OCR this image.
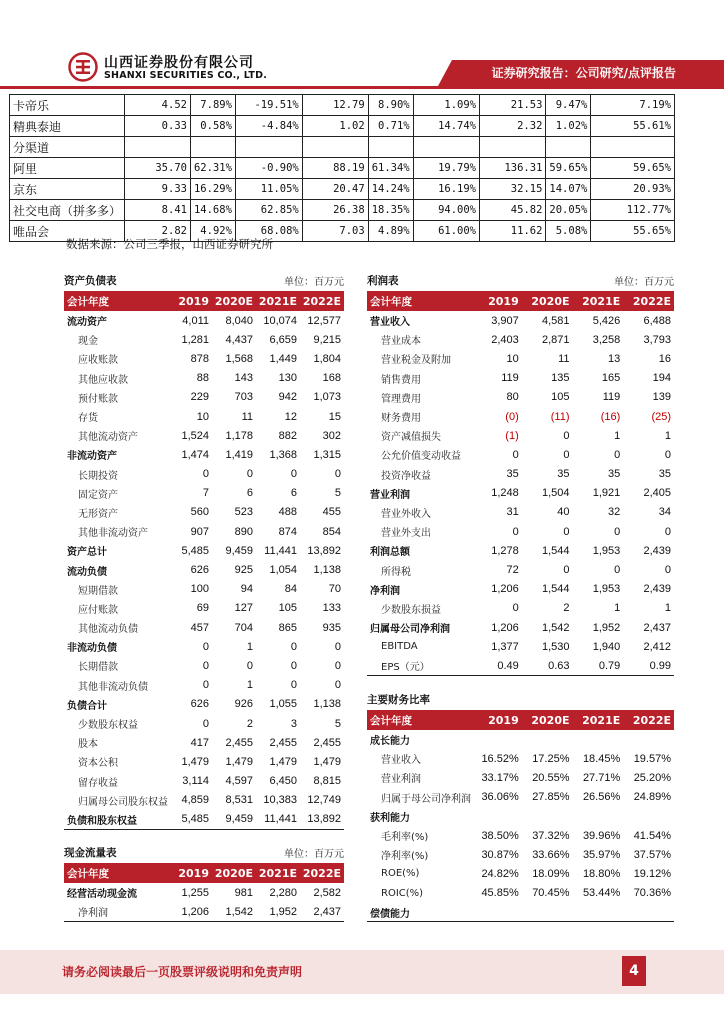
山西证券股份有限公司
SHANXI SECURITIES CO., LTD.	证券研究报告：公司研究/点评报告
卡帝乐	4.52	7.89%	-19.51%	12.79	8.90%	1.09%	21.53	9.47%	7.19%
精典泰迪	0.33	0.58%	-4.84%	1.02	0.71%	14.74%	2.32	1.02%	55.61%
分渠道									
阿里	35.70	62.31%	-0.90%	88.19	61.34%	19.79%	136.31	59.65%	59.65%
京东	9.33	16.29%	11.05%	20.47	14.24%	16.19%	32.15	14.07%	20.93%
社交电商（拼多多）	8.41	14.68%	62.85%	26.38	18.35%	94.00%	45.82	20.05%	112.77%
唯品会	2.82	4.92%	68.08%	7.03	4.89%	61.00%	11.62	5.08%	55.65%
数据来源：公司三季报，山西证券研究所
资产负债表	单位：百万元
会计年度	2019	2020E	2021E	2022E
流动资产	4,011	8,040	10,074	12,577
现金	1,281	4,437	6,659	9,215
应收账款	878	1,568	1,449	1,804
其他应收款	88	143	130	168
预付账款	229	703	942	1,073
存货	10	11	12	15
其他流动资产	1,524	1,178	882	302
非流动资产	1,474	1,419	1,368	1,315
长期投资	0	0	0	0
固定资产	7	6	6	5
无形资产	560	523	488	455
其他非流动资产	907	890	874	854
资产总计	5,485	9,459	11,441	13,892
流动负债	626	925	1,054	1,138
短期借款	100	94	84	70
应付账款	69	127	105	133
其他流动负债	457	704	865	935
非流动负债	0	1	0	0
长期借款	0	0	0	0
其他非流动负债	0	1	0	0
负债合计	626	926	1,055	1,138
少数股东权益	0	2	3	5
股本	417	2,455	2,455	2,455
资本公积	1,479	1,479	1,479	1,479
留存收益	3,114	4,597	6,450	8,815
归属母公司股东权益	4,859	8,531	10,383	12,749
负债和股东权益	5,485	9,459	11,441	13,892
利润表	单位：百万元
会计年度	2019	2020E	2021E	2022E
营业收入	3,907	4,581	5,426	6,488
营业成本	2,403	2,871	3,258	3,793
营业税金及附加	10	11	13	16
销售费用	119	135	165	194
管理费用	80	105	119	139
财务费用	(0)	(11)	(16)	(25)
资产减值损失	(1)	0	1	1
公允价值变动收益	0	0	0	0
投资净收益	35	35	35	35
营业利润	1,248	1,504	1,921	2,405
营业外收入	31	40	32	34
营业外支出	0	0	0	0
利润总额	1,278	1,544	1,953	2,439
所得税	72	0	0	0
净利润	1,206	1,544	1,953	2,439
少数股东损益	0	2	1	1
归属母公司净利润	1,206	1,542	1,952	2,437
EBITDA	1,377	1,530	1,940	2,412
EPS（元）	0.49	0.63	0.79	0.99
主要财务比率
会计年度	2019	2020E	2021E	2022E
成长能力				
营业收入	16.52%	17.25%	18.45%	19.57%
营业利润	33.17%	20.55%	27.71%	25.20%
归属于母公司净利润	36.06%	27.85%	26.56%	24.89%
获利能力				
毛利率(%)	38.50%	37.32%	39.96%	41.54%
净利率(%)	30.87%	33.66%	35.97%	37.57%
ROE(%)	24.82%	18.09%	18.80%	19.12%
ROIC(%)	45.85%	70.45%	53.44%	70.36%
偿债能力				
现金流量表	单位：百万元
会计年度	2019	2020E	2021E	2022E
经营活动现金流	1,255	981	2,280	2,582
净利润	1,206	1,542	1,952	2,437
请务必阅读最后一页股票评级说明和免责声明	4
